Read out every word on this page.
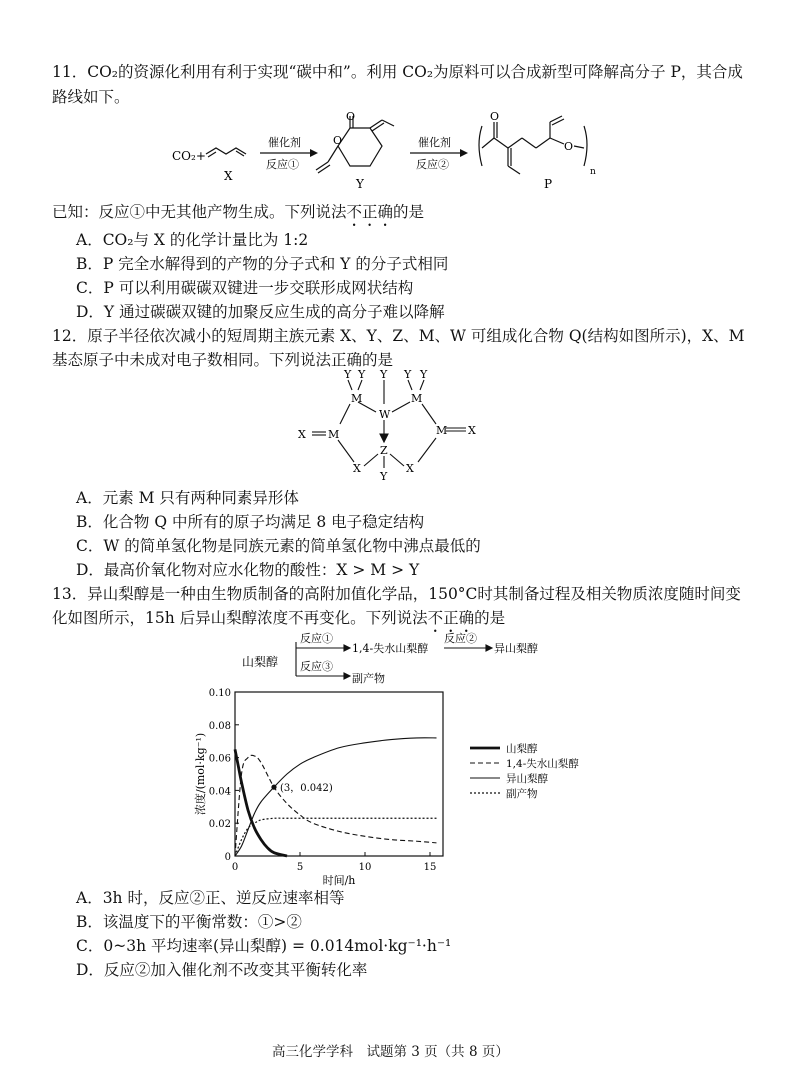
11．CO₂的资源化利用有利于实现“碳中和”。利用 CO₂为原料可以合成新型可降解高分子 P，其合成
路线如下。
CO₂+
X
催化剂
反应①
O
O
Y
催化剂
反应②
O
O
n
P
已知：反应①中无其他产物生成。下列说法不正确的是
A．CO₂与 X 的化学计量比为 1:2
B．P 完全水解得到的产物的分子式和 Y 的分子式相同
C．P 可以利用碳碳双键进一步交联形成网状结构
D．Y 通过碳碳双键的加聚反应生成的高分子难以降解
12．原子半径依次减小的短周期主族元素 X、Y、Z、M、W 可组成化合物 Q(结构如图所示)，X、M
基态原子中未成对电子数相同。下列说法正确的是
Y Y
M
Y
W
Y Y
M
X M	M X
Z
Y
X	X
A．元素 M 只有两种同素异形体
B．化合物 Q 中所有的原子均满足 8 电子稳定结构
C．W 的简单氢化物是同族元素的简单氢化物中沸点最低的
D．最高价氧化物对应水化物的酸性：X > M > Y
13．异山梨醇是一种由生物质制备的高附加值化学品，150°C时其制备过程及相关物质浓度随时间变
化如图所示，15h 后异山梨醇浓度不再变化。下列说法不正确的是
山梨醇
反应①
1,4-失水山梨醇
反应②
异山梨醇
反应③
副产物
0
0.02
0.04
0.06
0.08
0.10
0	5	10	15
时间/h
浓度/(mol·kg⁻¹)	(3，0.042)
山梨醇
1,4-失水山梨醇
异山梨醇
副产物
A．3h 时，反应②正、逆反应速率相等
B．该温度下的平衡常数：①>②
C．0~3h 平均速率(异山梨醇) = 0.014mol·kg⁻¹·h⁻¹
D．反应②加入催化剂不改变其平衡转化率
高三化学学科　试题第 3 页（共 8 页）
